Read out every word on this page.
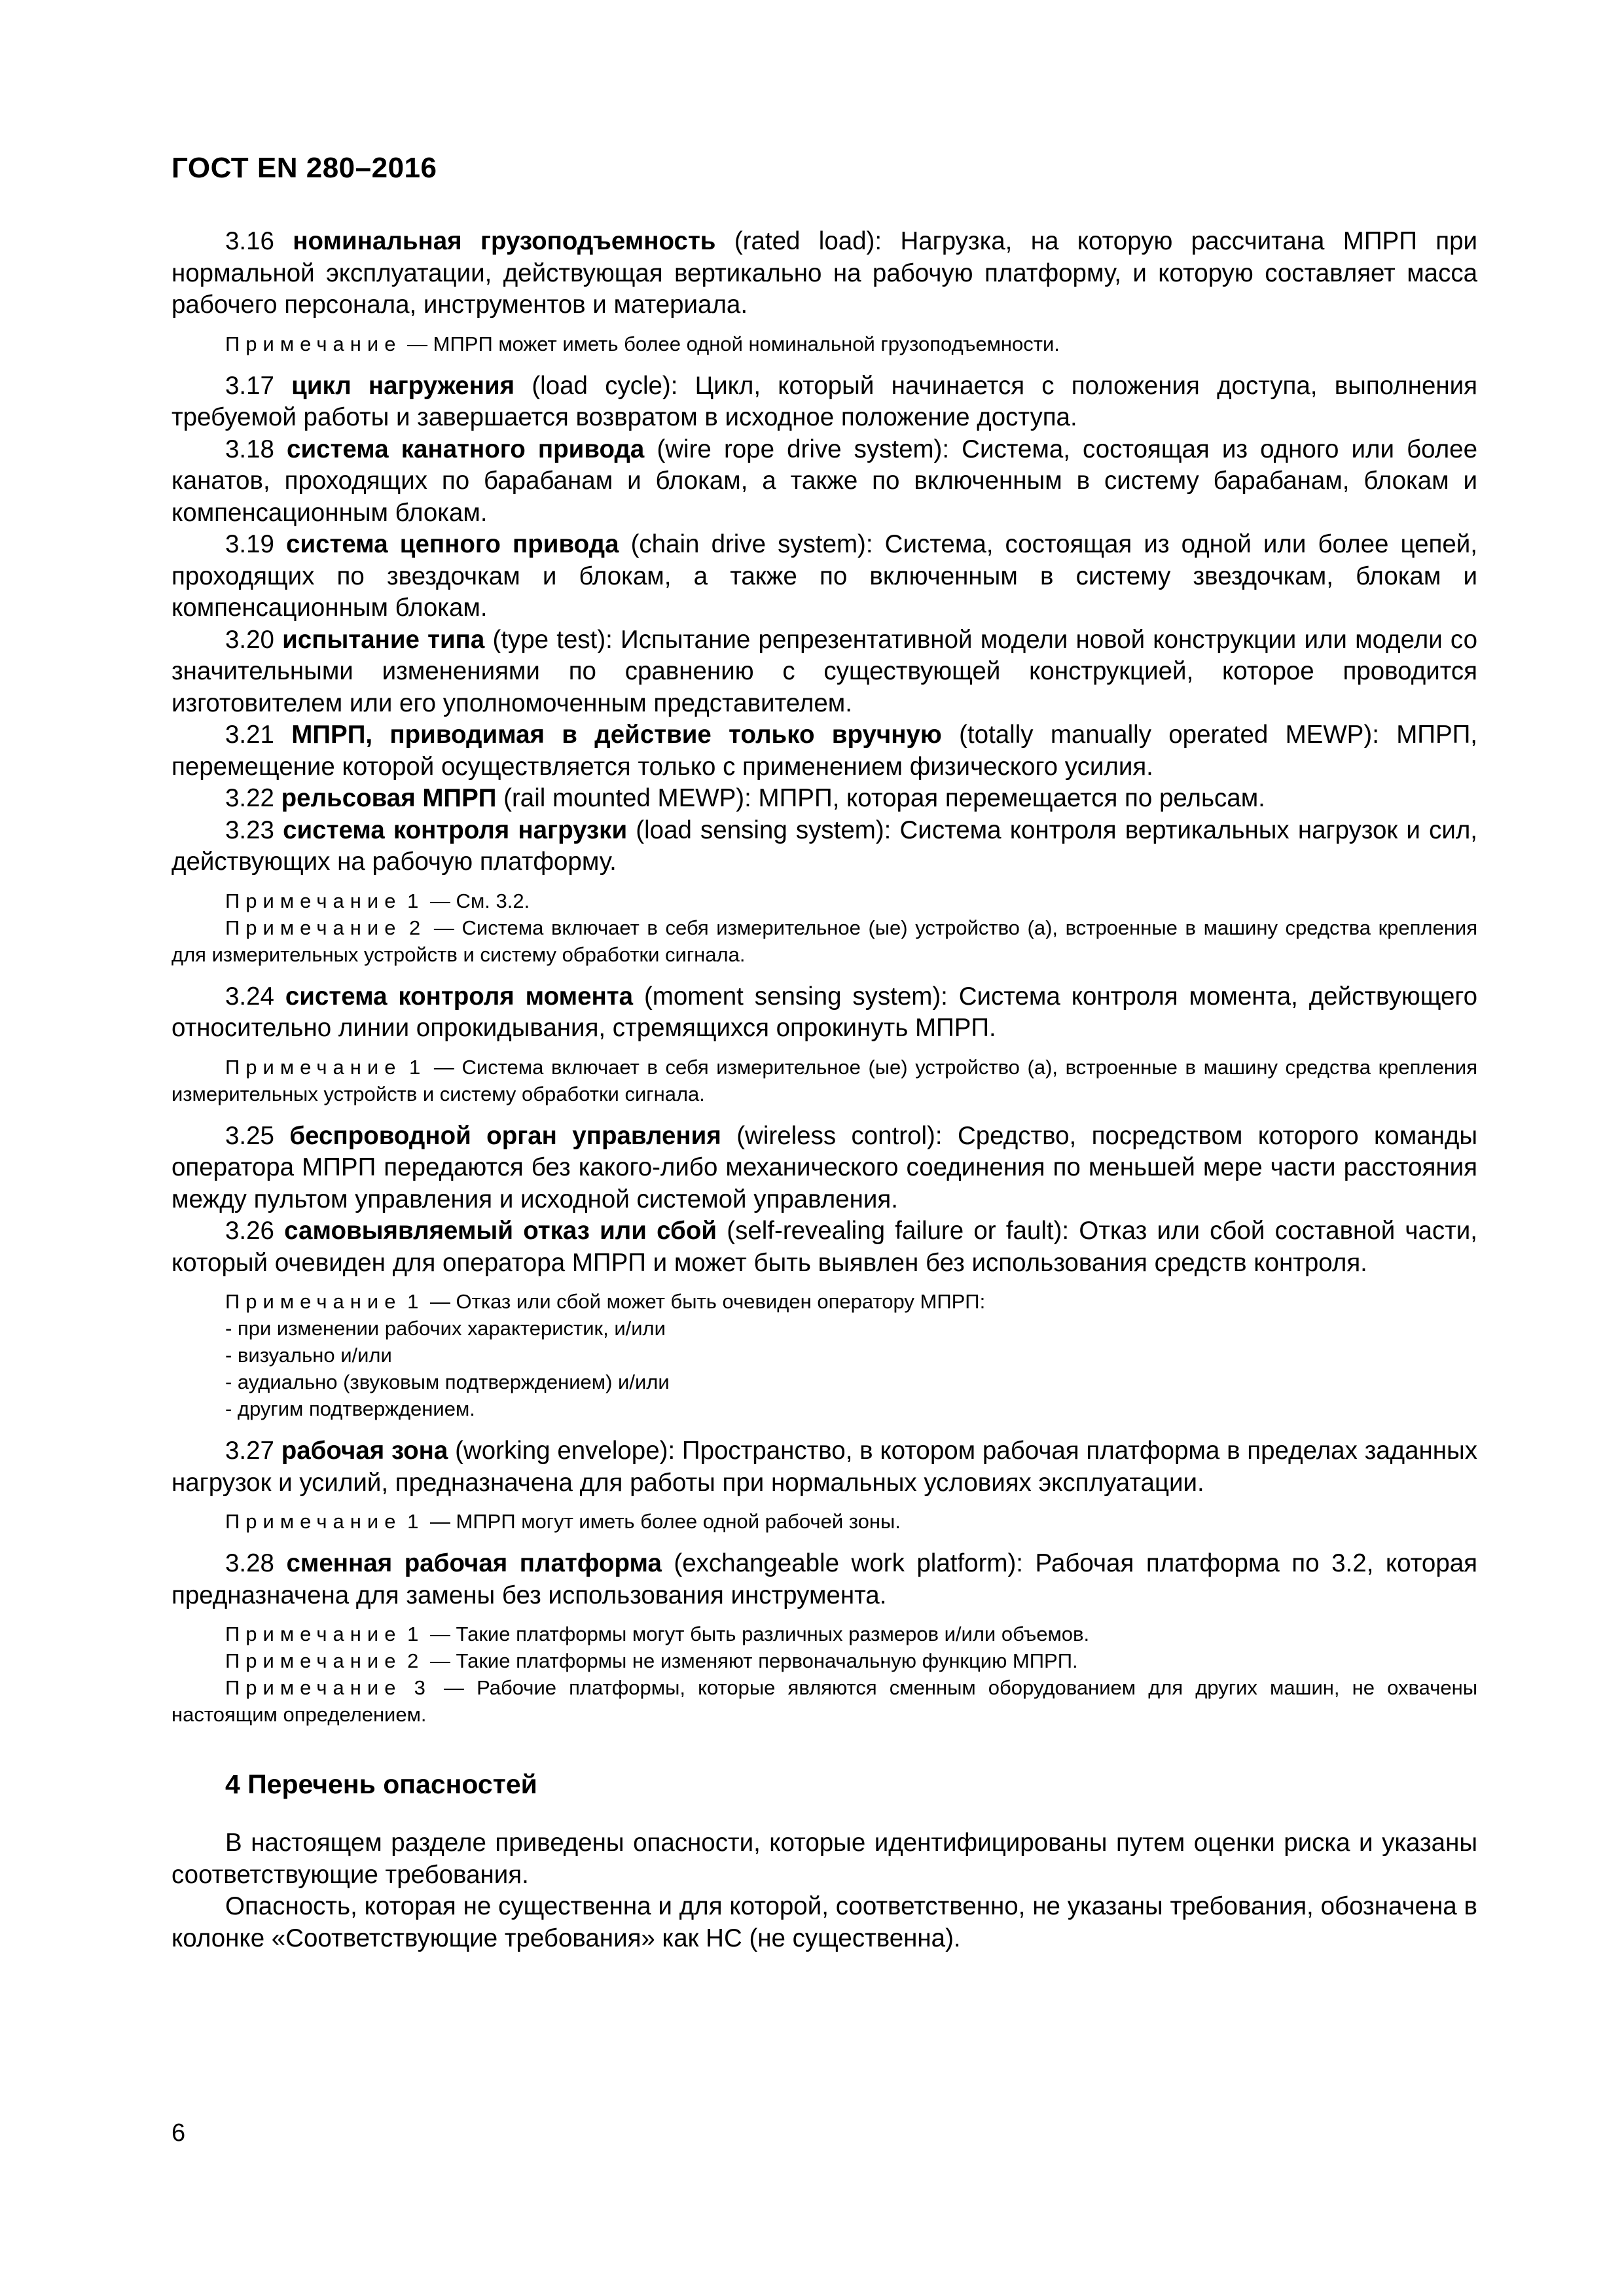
ГОСТ EN 280–2016

3.16 номинальная грузоподъемность (rated load): Нагрузка, на которую рассчитана МПРП при нормальной эксплуатации, действующая вертикально на рабочую платформу, и которую составляет масса рабочего персонала, инструментов и материала.

Примечание — МПРП может иметь более одной номинальной грузоподъемности.

3.17 цикл нагружения (load cycle): Цикл, который начинается с положения доступа, выполнения требуемой работы и завершается возвратом в исходное положение доступа.

3.18 система канатного привода (wire rope drive system): Система, состоящая из одного или более канатов, проходящих по барабанам и блокам, а также по включенным в систему барабанам, блокам и компенсационным блокам.

3.19 система цепного привода (chain drive system): Система, состоящая из одной или более цепей, проходящих по звездочкам и блокам, а также по включенным в систему звездочкам, блокам и компенсационным блокам.

3.20 испытание типа (type test): Испытание репрезентативной модели новой конструкции или модели со значительными изменениями по сравнению с существующей конструкцией, которое проводится изготовителем или его уполномоченным представителем.

3.21 МПРП, приводимая в действие только вручную (totally manually operated MEWP): МПРП, перемещение которой осуществляется только с применением физического усилия.

3.22 рельсовая МПРП (rail mounted MEWP): МПРП, которая перемещается по рельсам.

3.23 система контроля нагрузки (load sensing system): Система контроля вертикальных нагрузок и сил, действующих на рабочую платформу.

Примечание 1 — См. 3.2.

Примечание 2 — Система включает в себя измерительное (ые) устройство (а), встроенные в машину средства крепления для измерительных устройств и систему обработки сигнала.

3.24 система контроля момента (moment sensing system): Система контроля момента, действующего относительно линии опрокидывания, стремящихся опрокинуть МПРП.

Примечание 1 — Система включает в себя измерительное (ые) устройство (а), встроенные в машину средства крепления измерительных устройств и систему обработки сигнала.

3.25 беспроводной орган управления (wireless control): Средство, посредством которого команды оператора МПРП передаются без какого-либо механического соединения по меньшей мере части расстояния между пультом управления и исходной системой управления.

3.26 самовыявляемый отказ или сбой (self-revealing failure or fault): Отказ или сбой составной части, который очевиден для оператора МПРП и может быть выявлен без использования средств контроля.

Примечание 1 — Отказ или сбой может быть очевиден оператору МПРП:

- при изменении рабочих характеристик, и/или

- визуально и/или

- аудиально (звуковым подтверждением) и/или

- другим подтверждением.

3.27 рабочая зона (working envelope): Пространство, в котором рабочая платформа в пределах заданных нагрузок и усилий, предназначена для работы при нормальных условиях эксплуатации.

Примечание 1 — МПРП могут иметь более одной рабочей зоны.

3.28 сменная рабочая платформа (exchangeable work platform): Рабочая платформа по 3.2, которая предназначена для замены без использования инструмента.

Примечание 1 — Такие платформы могут быть различных размеров и/или объемов.

Примечание 2 — Такие платформы не изменяют первоначальную функцию МПРП.

Примечание 3 — Рабочие платформы, которые являются сменным оборудованием для других машин, не охвачены настоящим определением.

4 Перечень опасностей

В настоящем разделе приведены опасности, которые идентифицированы путем оценки риска и указаны соответствующие требования.

Опасность, которая не существенна и для которой, соответственно, не указаны требования, обозначена в колонке «Соответствующие требования» как НС (не существенна).

6
